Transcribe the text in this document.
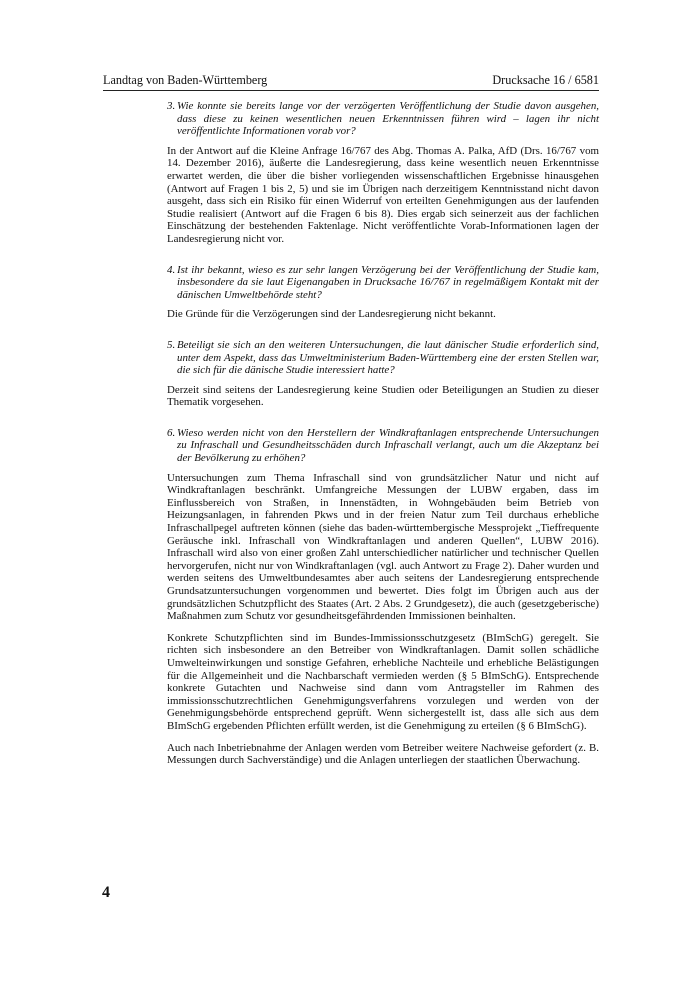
Landtag von Baden-Württemberg	Drucksache 16 / 6581
3. Wie konnte sie bereits lange vor der verzögerten Veröffentlichung der Studie davon ausgehen, dass diese zu keinen wesentlichen neuen Erkenntnissen führen wird – lagen ihr nicht veröffentlichte Informationen vorab vor?

In der Antwort auf die Kleine Anfrage 16/767 des Abg. Thomas A. Palka, AfD (Drs. 16/767 vom 14. Dezember 2016), äußerte die Landesregierung, dass keine wesentlich neuen Erkenntnisse erwartet werden, die über die bisher vorliegenden wissenschaftlichen Ergebnisse hinausgehen (Antwort auf Fragen 1 bis 2, 5) und sie im Übrigen nach derzeitigem Kenntnisstand nicht davon ausgeht, dass sich ein Risiko für einen Widerruf von erteilten Genehmigungen aus der laufenden Studie realisiert (Antwort auf die Fragen 6 bis 8). Dies ergab sich seinerzeit aus der fachlichen Einschätzung der bestehenden Faktenlage. Nicht veröffentlichte Vorab-Informationen lagen der Landesregierung nicht vor.

4. Ist ihr bekannt, wieso es zur sehr langen Verzögerung bei der Veröffentlichung der Studie kam, insbesondere da sie laut Eigenangaben in Drucksache 16/767 in regelmäßigem Kontakt mit der dänischen Umweltbehörde steht?

Die Gründe für die Verzögerungen sind der Landesregierung nicht bekannt.

5. Beteiligt sie sich an den weiteren Untersuchungen, die laut dänischer Studie erforderlich sind, unter dem Aspekt, dass das Umweltministerium Baden-Württemberg eine der ersten Stellen war, die sich für die dänische Studie interessiert hatte?

Derzeit sind seitens der Landesregierung keine Studien oder Beteiligungen an Studien zu dieser Thematik vorgesehen.

6. Wieso werden nicht von den Herstellern der Windkraftanlagen entsprechende Untersuchungen zu Infraschall und Gesundheitsschäden durch Infraschall verlangt, auch um die Akzeptanz bei der Bevölkerung zu erhöhen?

Untersuchungen zum Thema Infraschall sind von grundsätzlicher Natur und nicht auf Windkraftanlagen beschränkt. Umfangreiche Messungen der LUBW ergaben, dass im Einflussbereich von Straßen, in Innenstädten, in Wohngebäuden beim Betrieb von Heizungsanlagen, in fahrenden Pkws und in der freien Natur zum Teil durchaus erhebliche Infraschallpegel auftreten können (siehe das baden-württembergische Messprojekt „Tieffrequente Geräusche inkl. Infraschall von Windkraftanlagen und anderen Quellen“, LUBW 2016). Infraschall wird also von einer großen Zahl unterschiedlicher natürlicher und technischer Quellen hervorgerufen, nicht nur von Windkraftanlagen (vgl. auch Antwort zu Frage 2). Daher wurden und werden seitens des Umweltbundesamtes aber auch seitens der Landesregierung entsprechende Grundsatzuntersuchungen vorgenommen und bewertet. Dies folgt im Übrigen auch aus der grundsätzlichen Schutzpflicht des Staates (Art. 2 Abs. 2 Grundgesetz), die auch (gesetzgeberische) Maßnahmen zum Schutz vor gesundheitsgefährdenden Immissionen beinhalten.

Konkrete Schutzpflichten sind im Bundes-Immissionsschutzgesetz (BImSchG) geregelt. Sie richten sich insbesondere an den Betreiber von Windkraftanlagen. Damit sollen schädliche Umwelteinwirkungen und sonstige Gefahren, erhebliche Nachteile und erhebliche Belästigungen für die Allgemeinheit und die Nachbarschaft vermieden werden (§ 5 BImSchG). Entsprechende konkrete Gutachten und Nachweise sind dann vom Antragsteller im Rahmen des immissionsschutzrechtlichen Genehmigungsverfahrens vorzulegen und werden von der Genehmigungsbehörde entsprechend geprüft. Wenn sichergestellt ist, dass alle sich aus dem BImSchG ergebenden Pflichten erfüllt werden, ist die Genehmigung zu erteilen (§ 6 BImSchG).

Auch nach Inbetriebnahme der Anlagen werden vom Betreiber weitere Nachweise gefordert (z. B. Messungen durch Sachverständige) und die Anlagen unterliegen der staatlichen Überwachung.

4
